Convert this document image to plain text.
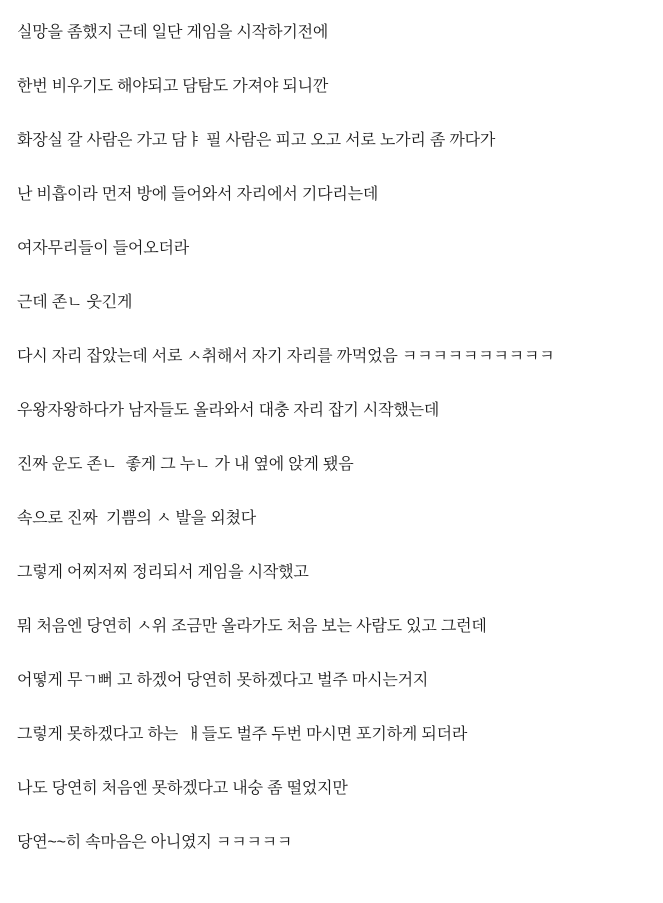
실망을 좀했지 근데 일단 게임을 시작하기전에

한번 비우기도 해야되고 담탐도 가져야 되니깐

화장실 갈 사람은 가고 담ㅑ 필 사람은 피고 오고 서로 노가리 좀 까다가

난 비흡이라 먼저 방에 들어와서 자리에서 기다리는데

여자무리들이 들어오더라

근데 존ㄴ 웃긴게

다시 자리 잡았는데 서로 ㅅ취해서 자기 자리를 까먹었음 ㅋㅋㅋㅋㅋㅋㅋㅋㅋㅋ

우왕자왕하다가 남자들도 올라와서 대충 자리 잡기 시작했는데

진짜 운도 존ㄴ  좋게 그 누ㄴ 가 내 옆에 앉게 됐음

속으로 진짜  기쁨의 ㅅ 발을 외쳤다

그렇게 어찌저찌 정리되서 게임을 시작했고

뭐 처음엔 당연히 ㅅ위 조금만 올라가도 처음 보는 사람도 있고 그런데

어떻게 무ㄱ뻐 고 하겠어 당연히 못하겠다고 벌주 마시는거지

그렇게 못하겠다고 하는  ㅐ들도 벌주 두번 마시면 포기하게 되더라

나도 당연히 처음엔 못하겠다고 내숭 좀 떨었지만

당연~~히 속마음은 아니였지 ㅋㅋㅋㅋㅋ
